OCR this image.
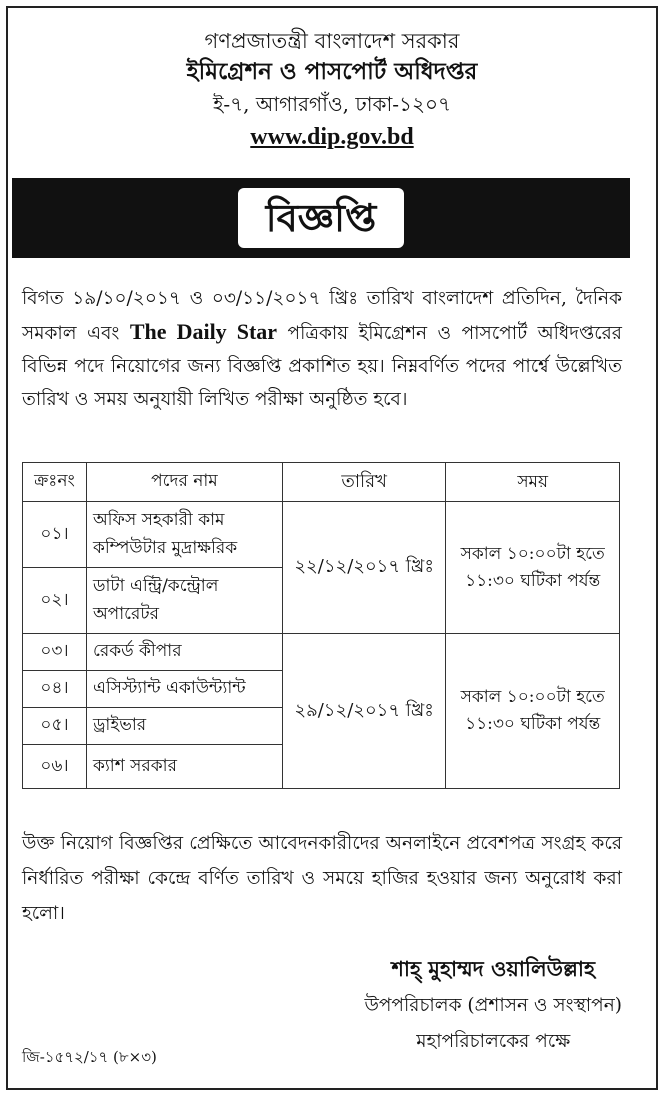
গণপ্রজাতন্ত্রী বাংলাদেশ সরকার
ইমিগ্রেশন ও পাসপোর্ট অধিদপ্তর
ই-৭, আগারগাঁও, ঢাকা-১২০৭
www.dip.gov.bd
বিজ্ঞপ্তি
বিগত ১৯/১০/২০১৭ ও ০৩/১১/২০১৭ খ্রিঃ তারিখ বাংলাদেশ প্রতিদিন, দৈনিক সমকাল এবং The Daily Star পত্রিকায় ইমিগ্রেশন ও পাসপোর্ট অধিদপ্তরের বিভিন্ন পদে নিয়োগের জন্য বিজ্ঞপ্তি প্রকাশিত হয়। নিম্নবর্ণিত পদের পার্শ্বে উল্লেখিত তারিখ ও সময় অনুযায়ী লিখিত পরীক্ষা অনুষ্ঠিত হবে।
ক্রঃনং	পদের নাম	তারিখ	সময়
০১।	অফিস সহকারী কাম কম্পিউটার মুদ্রাক্ষরিক	২২/১২/২০১৭ খ্রিঃ	সকাল ১০:০০টা হতে
১১:৩০ ঘটিকা পর্যন্ত

০২।	ডাটা এন্ট্রি/কন্ট্রোল অপারেটর		
০৩।	রেকর্ড কীপার	২৯/১২/২০১৭ খ্রিঃ	সকাল ১০:০০টা হতে
১১:৩০ ঘটিকা পর্যন্ত

০৪।	এসিস্ট্যান্ট একাউন্ট্যান্ট		
০৫।	ড্রাইভার		
০৬।	ক্যাশ সরকার		
উক্ত নিয়োগ বিজ্ঞপ্তির প্রেক্ষিতে আবেদনকারীদের অনলাইনে প্রবেশপত্র সংগ্রহ করে নির্ধারিত পরীক্ষা কেন্দ্রে বর্ণিত তারিখ ও সময়ে হাজির হওয়ার জন্য অনুরোধ করা হলো।
শাহ্ মুহাম্মদ ওয়ালিউল্লাহ
উপপরিচালক (প্রশাসন ও সংস্থাপন)
মহাপরিচালকের পক্ষে
জি-১৫৭২/১৭ (৮×৩)
